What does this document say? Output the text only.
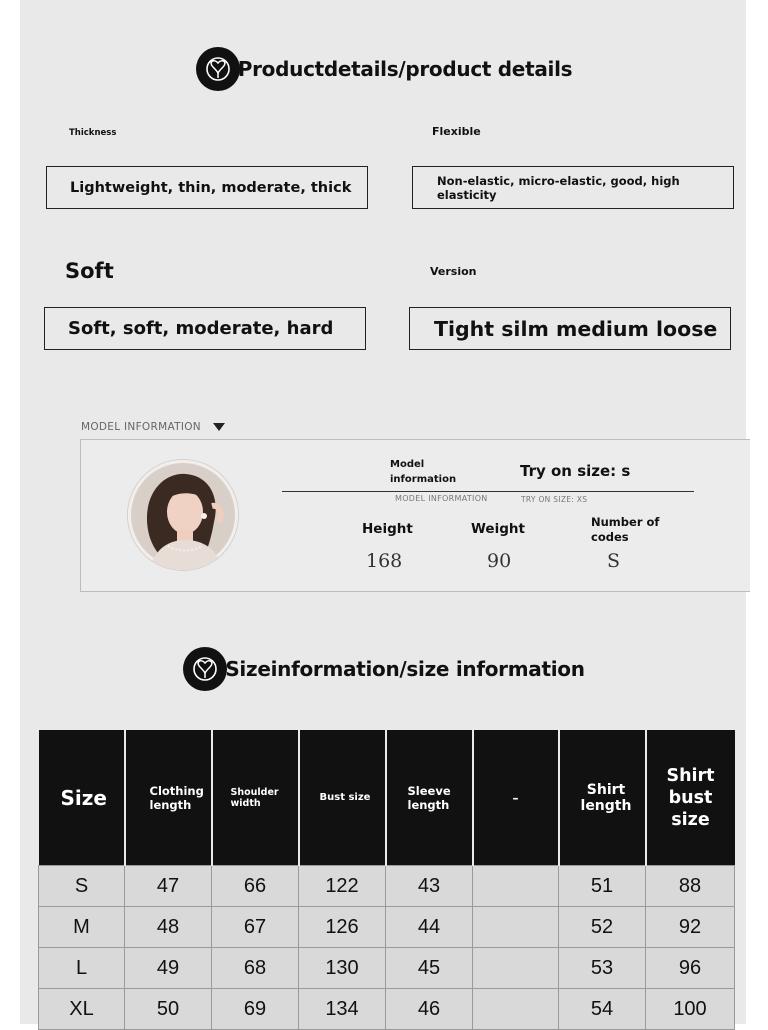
Productdetails/product details
Thickness
Lightweight, thin, moderate, thick
Flexible
Non-elastic, micro-elastic, good, high elasticity
Soft
Soft, soft, moderate, hard
Version
Tight silm medium loose
MODEL INFORMATION
Model information	Try on size: s
MODEL INFORMATION	TRY ON SIZE: XS
Height	Weight	Number of codes
168	90	S
Sizeinformation/size information
Size	Clothing length	Shoulder width	Bust size	Sleeve length	–	Shirt length	Shirt bust size
S	47	66	122	43		51	88
M	48	67	126	44		52	92
L	49	68	130	45		53	96
XL	50	69	134	46		54	100
